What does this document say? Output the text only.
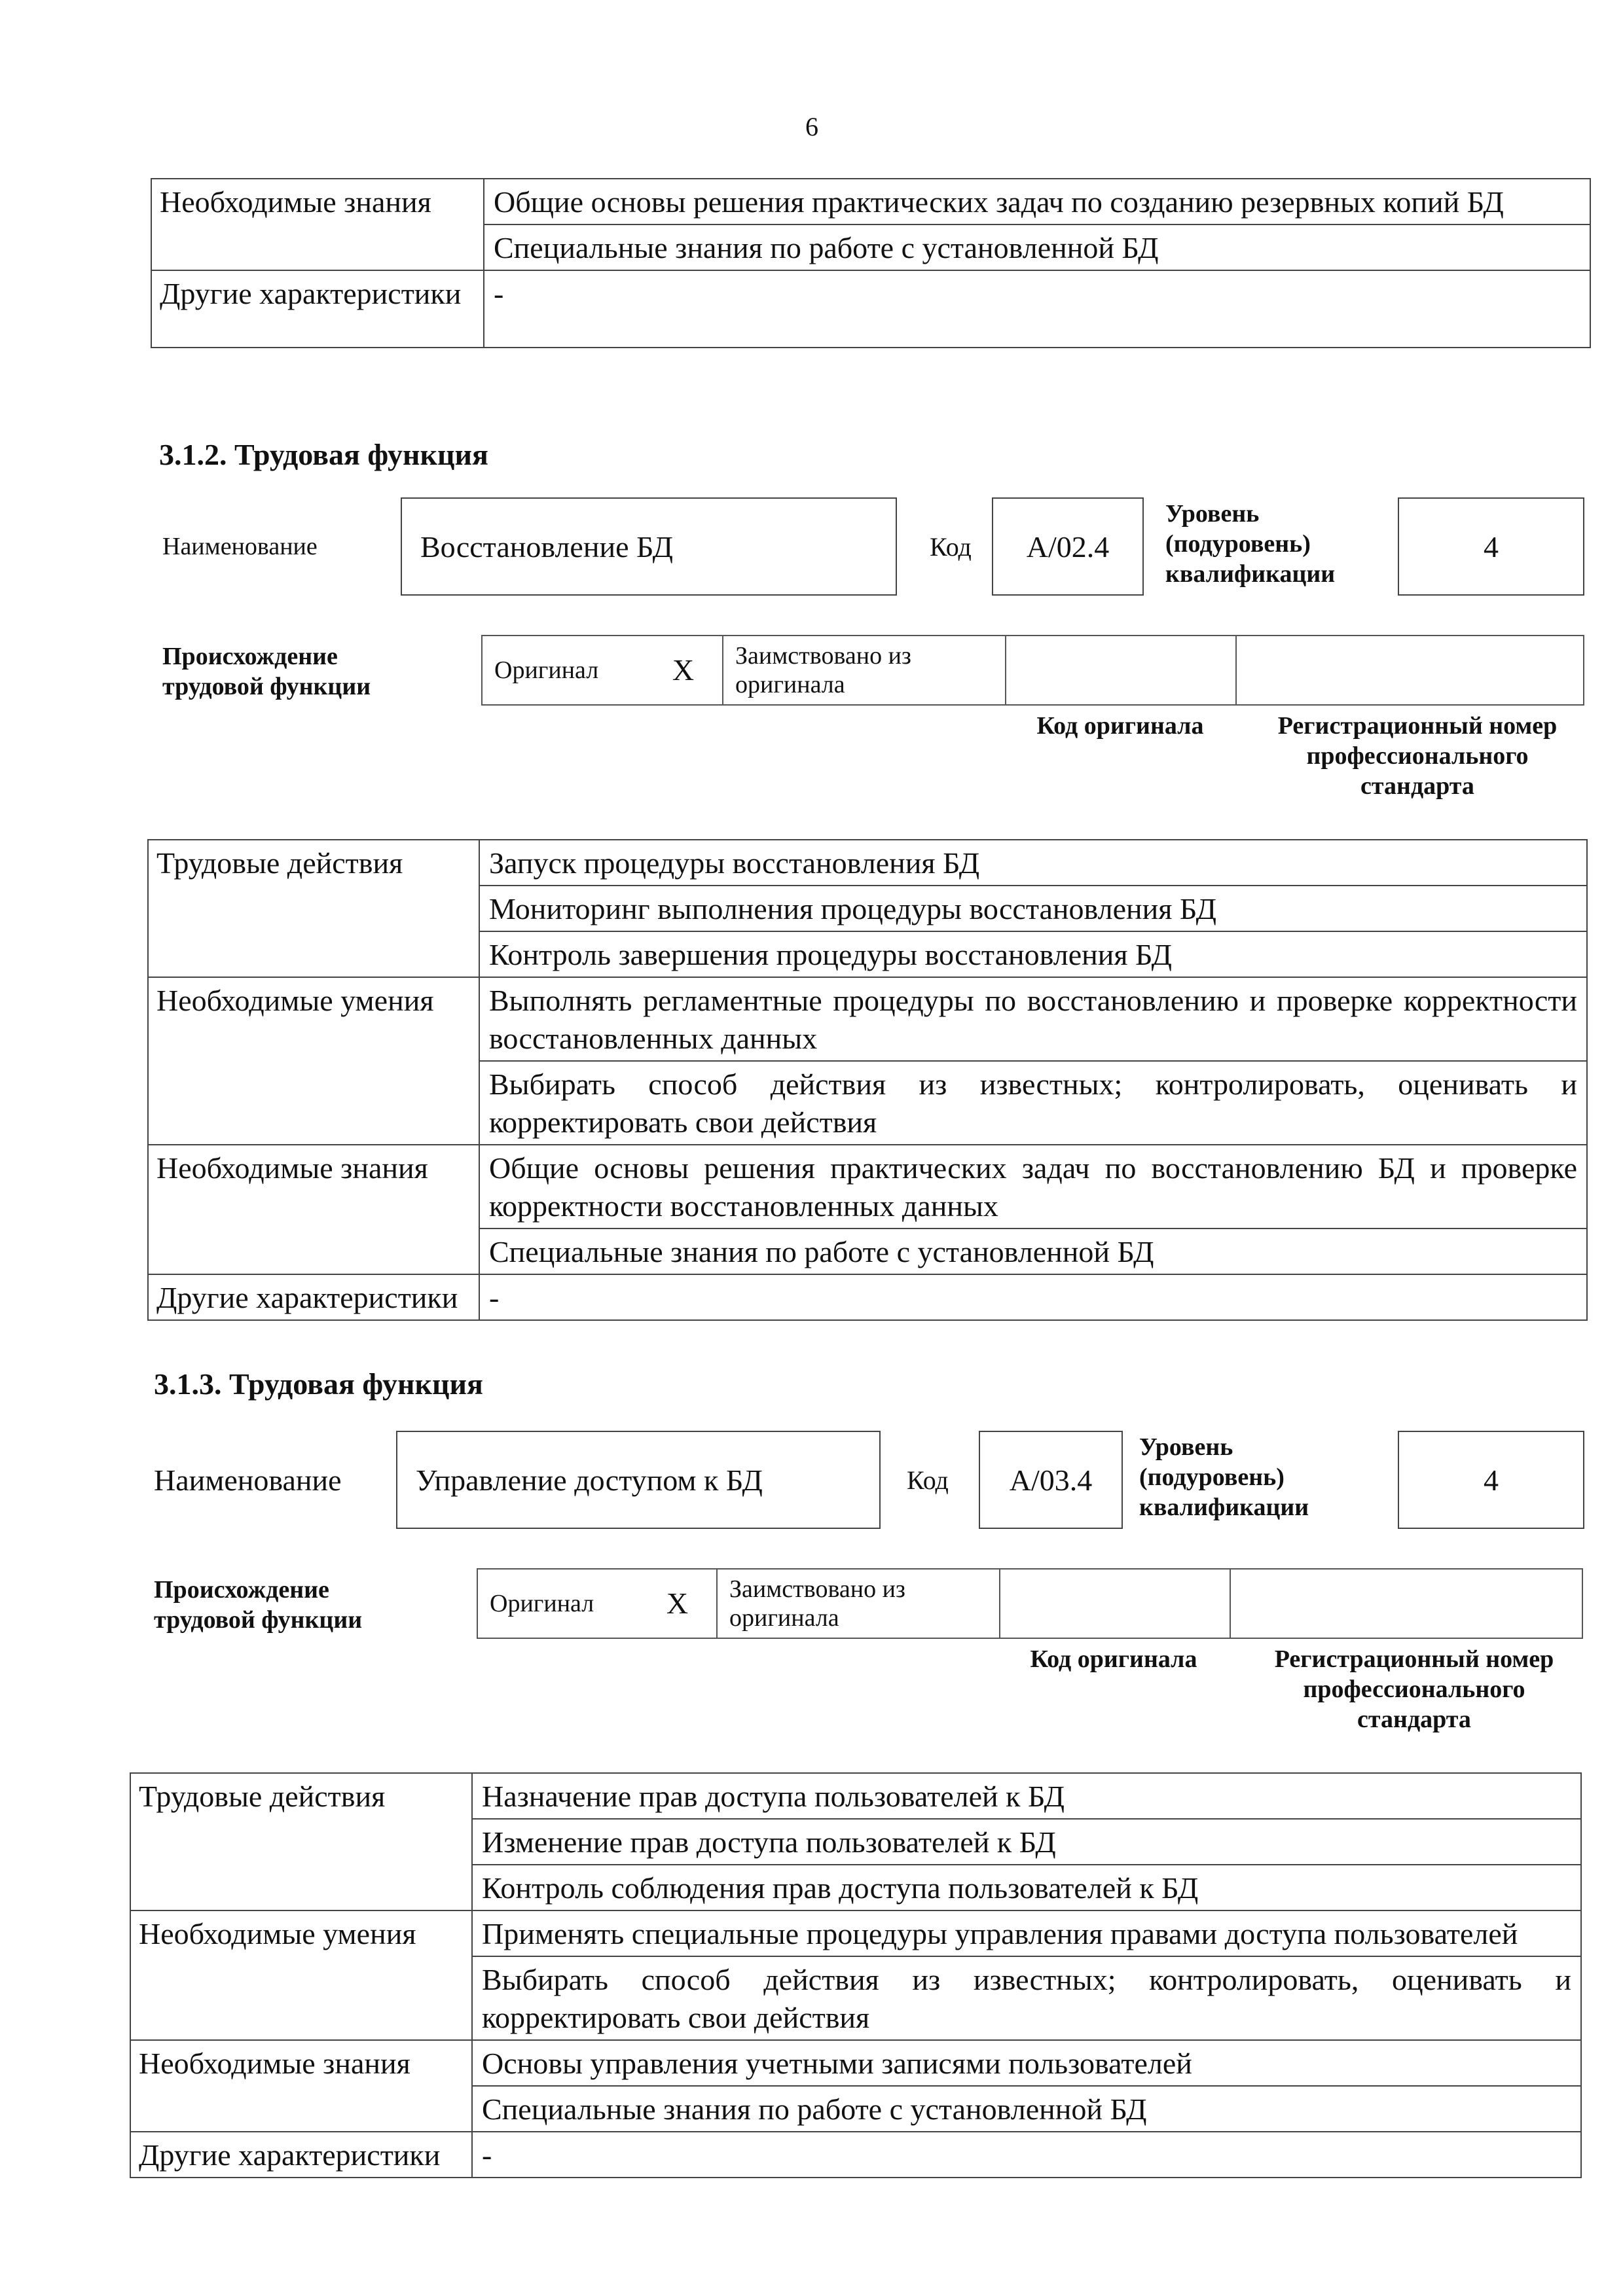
6
Необходимые знания	Общие основы решения практических задач по созданию резервных копий БД
	Специальные знания по работе с установленной БД
Другие характеристики	-
3.1.2. Трудовая функция
Наименование	Восстановление БД	Код	А/02.4
Уровень (подуровень) квалификации
4
Происхождение трудовой функции
Оригинал	X	Заимствовано из оригинала		
Код оригинала	Регистрационный номер профессионального стандарта
Трудовые действия	Запуск процедуры восстановления БД
	Мониторинг выполнения процедуры восстановления БД
	Контроль завершения процедуры восстановления БД
Необходимые умения	Выполнять регламентные процедуры по восстановлению и проверке корректности восстановленных данных
	Выбирать способ действия из известных; контролировать, оценивать и корректировать свои действия
Необходимые знания	Общие основы решения практических задач по восстановлению БД и проверке корректности восстановленных данных
	Специальные знания по работе с установленной БД
Другие характеристики	-
3.1.3. Трудовая функция
Наименование	Управление доступом к БД	Код	А/03.4
Уровень (подуровень) квалификации
4
Происхождение трудовой функции
Оригинал	X	Заимствовано из оригинала		
Код оригинала	Регистрационный номер профессионального стандарта
Трудовые действия	Назначение прав доступа пользователей к БД
	Изменение прав доступа пользователей к БД
	Контроль соблюдения прав доступа пользователей к БД
Необходимые умения	Применять специальные процедуры управления правами доступа пользователей
	Выбирать способ действия из известных; контролировать, оценивать и корректировать свои действия
Необходимые знания	Основы управления учетными записями пользователей
	Специальные знания по работе с установленной БД
Другие характеристики	-
